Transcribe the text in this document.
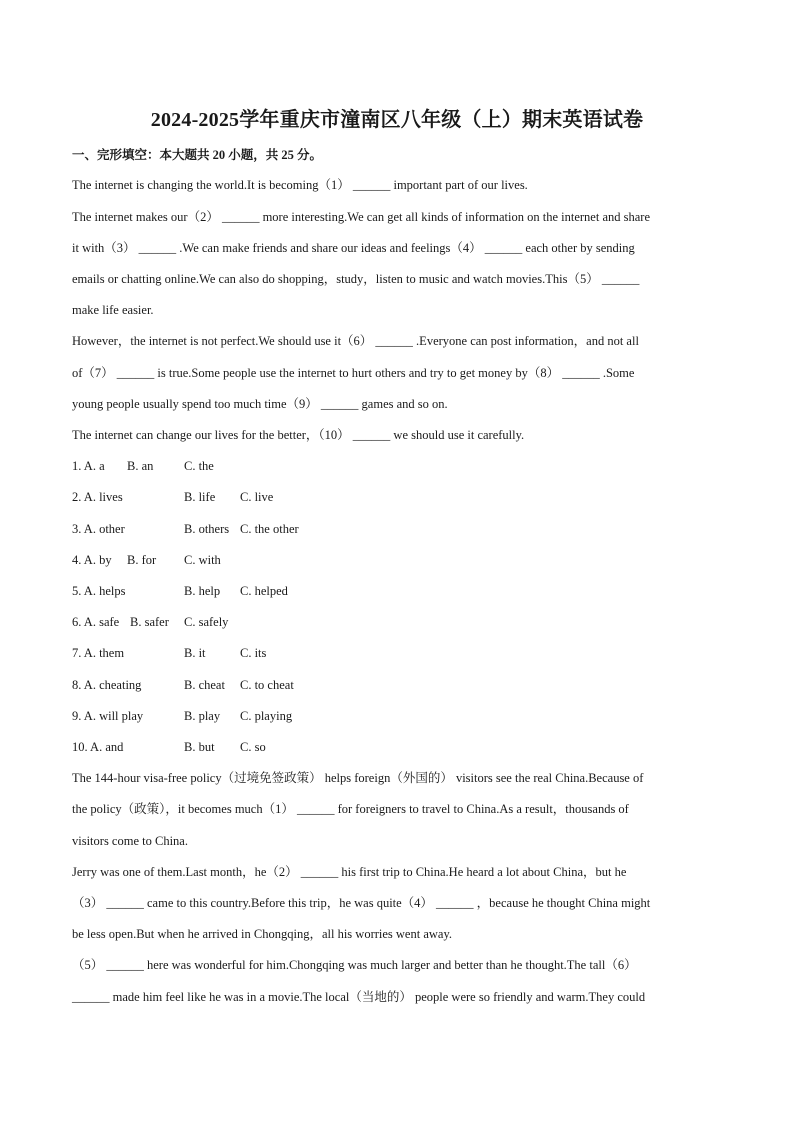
2024-2025学年重庆市潼南区八年级（上）期末英语试卷
一、完形填空：本大题共 20 小题，共 25 分。
The internet is changing the world.It is becoming（1） ______ important part of our lives.
The internet makes our（2） ______ more interesting.We can get all kinds of information on the internet and share
it with（3） ______ .We can make friends and share our ideas and feelings（4） ______ each other by sending
emails or chatting online.We can also do shopping，study，listen to music and watch movies.This（5） ______
make life easier.
However，the internet is not perfect.We should use it（6） ______ .Everyone can post information，and not all
of（7） ______ is true.Some people use the internet to hurt others and try to get money by（8） ______ .Some
young people usually spend too much time（9） ______ games and so on.
The internet can change our lives for the better，（10） ______ we should use it carefully.
1. A. a B. an C. the
2. A. lives	B. life C. live
3. A. other	B. others C. the other
4. A. by B. for C. with
5. A. helps	B. help C. helped
6. A. safe B. safer C. safely
7. A. them	B. it	C. its
8. A. cheating	B. cheat C. to cheat
9. A. will play	B. play C. playing
10. A. and	B. but C. so
The 144-hour visa-free policy（过境免签政策） helps foreign（外国的） visitors see the real China.Because of
the policy（政策），it becomes much（1） ______ for foreigners to travel to China.As a result，thousands of
visitors come to China.
Jerry was one of them.Last month，he（2） ______ his first trip to China.He heard a lot about China，but he
（3） ______ came to this country.Before this trip，he was quite（4） ______ ，because he thought China might
be less open.But when he arrived in Chongqing，all his worries went away.
（5） ______ here was wonderful for him.Chongqing was much larger and better than he thought.The tall（6）
______ made him feel like he was in a movie.The local（当地的） people were so friendly and warm.They could
